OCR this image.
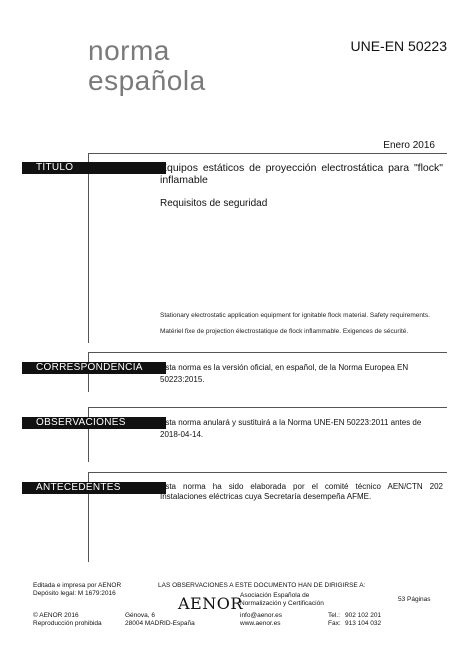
norma
española
UNE-EN 50223
Enero 2016
TÍTULO	Equipos estáticos de proyección electrostática para "flock" inflamable
Requisitos de seguridad
Stationary electrostatic application equipment for ignitable flock material. Safety requirements.
Matériel fixe de projection électrostatique de flock inflammable. Exigences de sécurité.
CORRESPONDENCIA	Esta norma es la versión oficial, en español, de la Norma Europea EN 50223:2015.
OBSERVACIONES	Esta norma anulará y sustituirá a la Norma UNE-EN 50223:2011 antes de 2018-04-14.
ANTECEDENTES	Esta norma ha sido elaborada por el comité técnico AEN/CTN 202 Instalaciones eléctricas cuya Secretaría desempeña AFME.
Editada e impresa por AENOR
Depósito legal: M 1679:2016
LAS OBSERVACIONES A ESTE DOCUMENTO HAN DE DIRIGIRSE A:
AENOR
Asociación Española de
Normalización y Certificación
53 Páginas
© AENOR 2016
Reproducción prohibida
Génova, 6
28004 MADRID-España
info@aenor.es
www.aenor.es
Tel.: 902 102 201
Fax: 913 104 032
